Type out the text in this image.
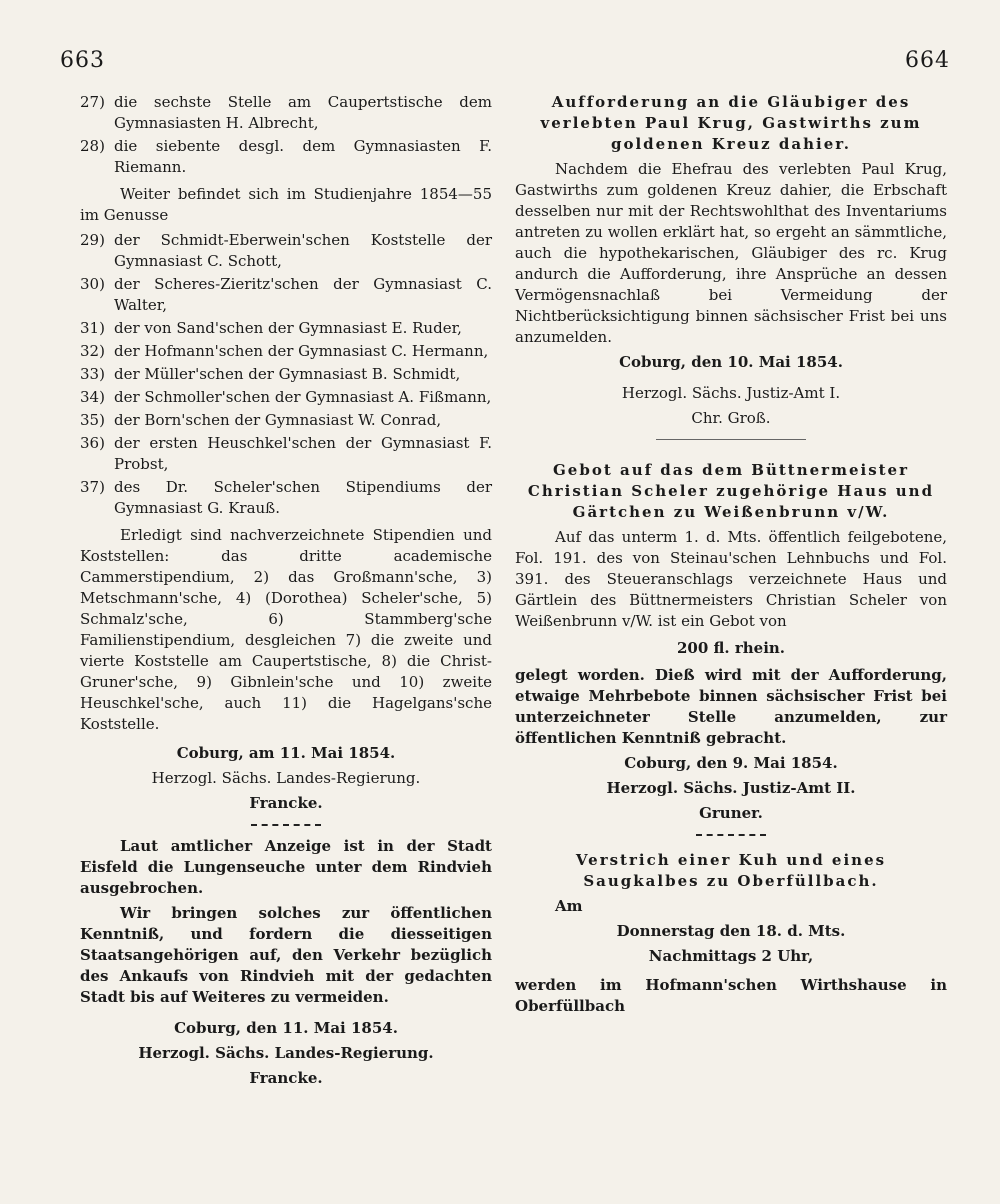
663	664
27) die sechste Stelle am Caupertstische dem Gymnasiasten H. Albrecht,
28) die siebente desgl. dem Gymnasiasten F. Riemann.

Weiter befindet sich im Studienjahre 1854—55 im Genusse

29) der Schmidt-Eberwein'schen Koststelle der Gymnasiast C. Schott,
30) der Scheres-Zieritz'schen der Gymnasiast C. Walter,
31) der von Sand'schen der Gymnasiast E. Ruder,
32) der Hofmann'schen der Gymnasiast C. Hermann,
33) der Müller'schen der Gymnasiast B. Schmidt,
34) der Schmoller'schen der Gymnasiast A. Fißmann,
35) der Born'schen der Gymnasiast W. Conrad,
36) der ersten Heuschkel'schen der Gymnasiast F. Probst,
37) des Dr. Scheler'schen Stipendiums der Gymnasiast G. Krauß.

Erledigt sind nachverzeichnete Stipendien und Koststellen: das dritte academische Cammerstipendium, 2) das Großmann'sche, 3) Metschmann'sche, 4) (Dorothea) Scheler'sche, 5) Schmalz'sche, 6) Stammberg'sche Familienstipendium, desgleichen 7) die zweite und vierte Koststelle am Caupertstische, 8) die Christ-Gruner'sche, 9) Gibnlein'sche und 10) zweite Heuschkel'sche, auch 11) die Hagelgans'sche Koststelle.

Coburg, am 11. Mai 1854.

Herzogl. Sächs. Landes-Regierung.

Francke.

Laut amtlicher Anzeige ist in der Stadt Eisfeld die Lungenseuche unter dem Rindvieh ausgebrochen.

Wir bringen solches zur öffentlichen Kenntniß, und fordern die diesseitigen Staatsangehörigen auf, den Verkehr bezüglich des Ankaufs von Rindvieh mit der gedachten Stadt bis auf Weiteres zu vermeiden.

Coburg, den 11. Mai 1854.

Herzogl. Sächs. Landes-Regierung.

Francke.

Aufforderung an die Gläubiger des verlebten Paul Krug, Gastwirths zum goldenen Kreuz dahier.

Nachdem die Ehefrau des verlebten Paul Krug, Gastwirths zum goldenen Kreuz dahier, die Erbschaft desselben nur mit der Rechtswohlthat des Inventariums antreten zu wollen erklärt hat, so ergeht an sämmtliche, auch die hypothekarischen, Gläubiger des rc. Krug andurch die Aufforderung, ihre Ansprüche an dessen Vermögensnachlaß bei Vermeidung der Nichtberücksichtigung binnen sächsischer Frist bei uns anzumelden.

Coburg, den 10. Mai 1854.

Herzogl. Sächs. Justiz-Amt I.

Chr. Groß.

Gebot auf das dem Büttnermeister Christian Scheler zugehörige Haus und Gärtchen zu Weißenbrunn v/W.

Auf das unterm 1. d. Mts. öffentlich feilgebotene, Fol. 191. des von Steinau'schen Lehnbuchs und Fol. 391. des Steueranschlags verzeichnete Haus und Gärtlein des Büttnermeisters Christian Scheler von Weißenbrunn v/W. ist ein Gebot von

200 fl. rhein.

gelegt worden. Dieß wird mit der Aufforderung, etwaige Mehrbebote binnen sächsischer Frist bei unterzeichneter Stelle anzumelden, zur öffentlichen Kenntniß gebracht.

Coburg, den 9. Mai 1854.

Herzogl. Sächs. Justiz-Amt II.

Gruner.

Verstrich einer Kuh und eines Saugkalbes zu Oberfüllbach.

Am

Donnerstag den 18. d. Mts.

Nachmittags 2 Uhr,

werden im Hofmann'schen Wirthshause in Oberfüllbach
